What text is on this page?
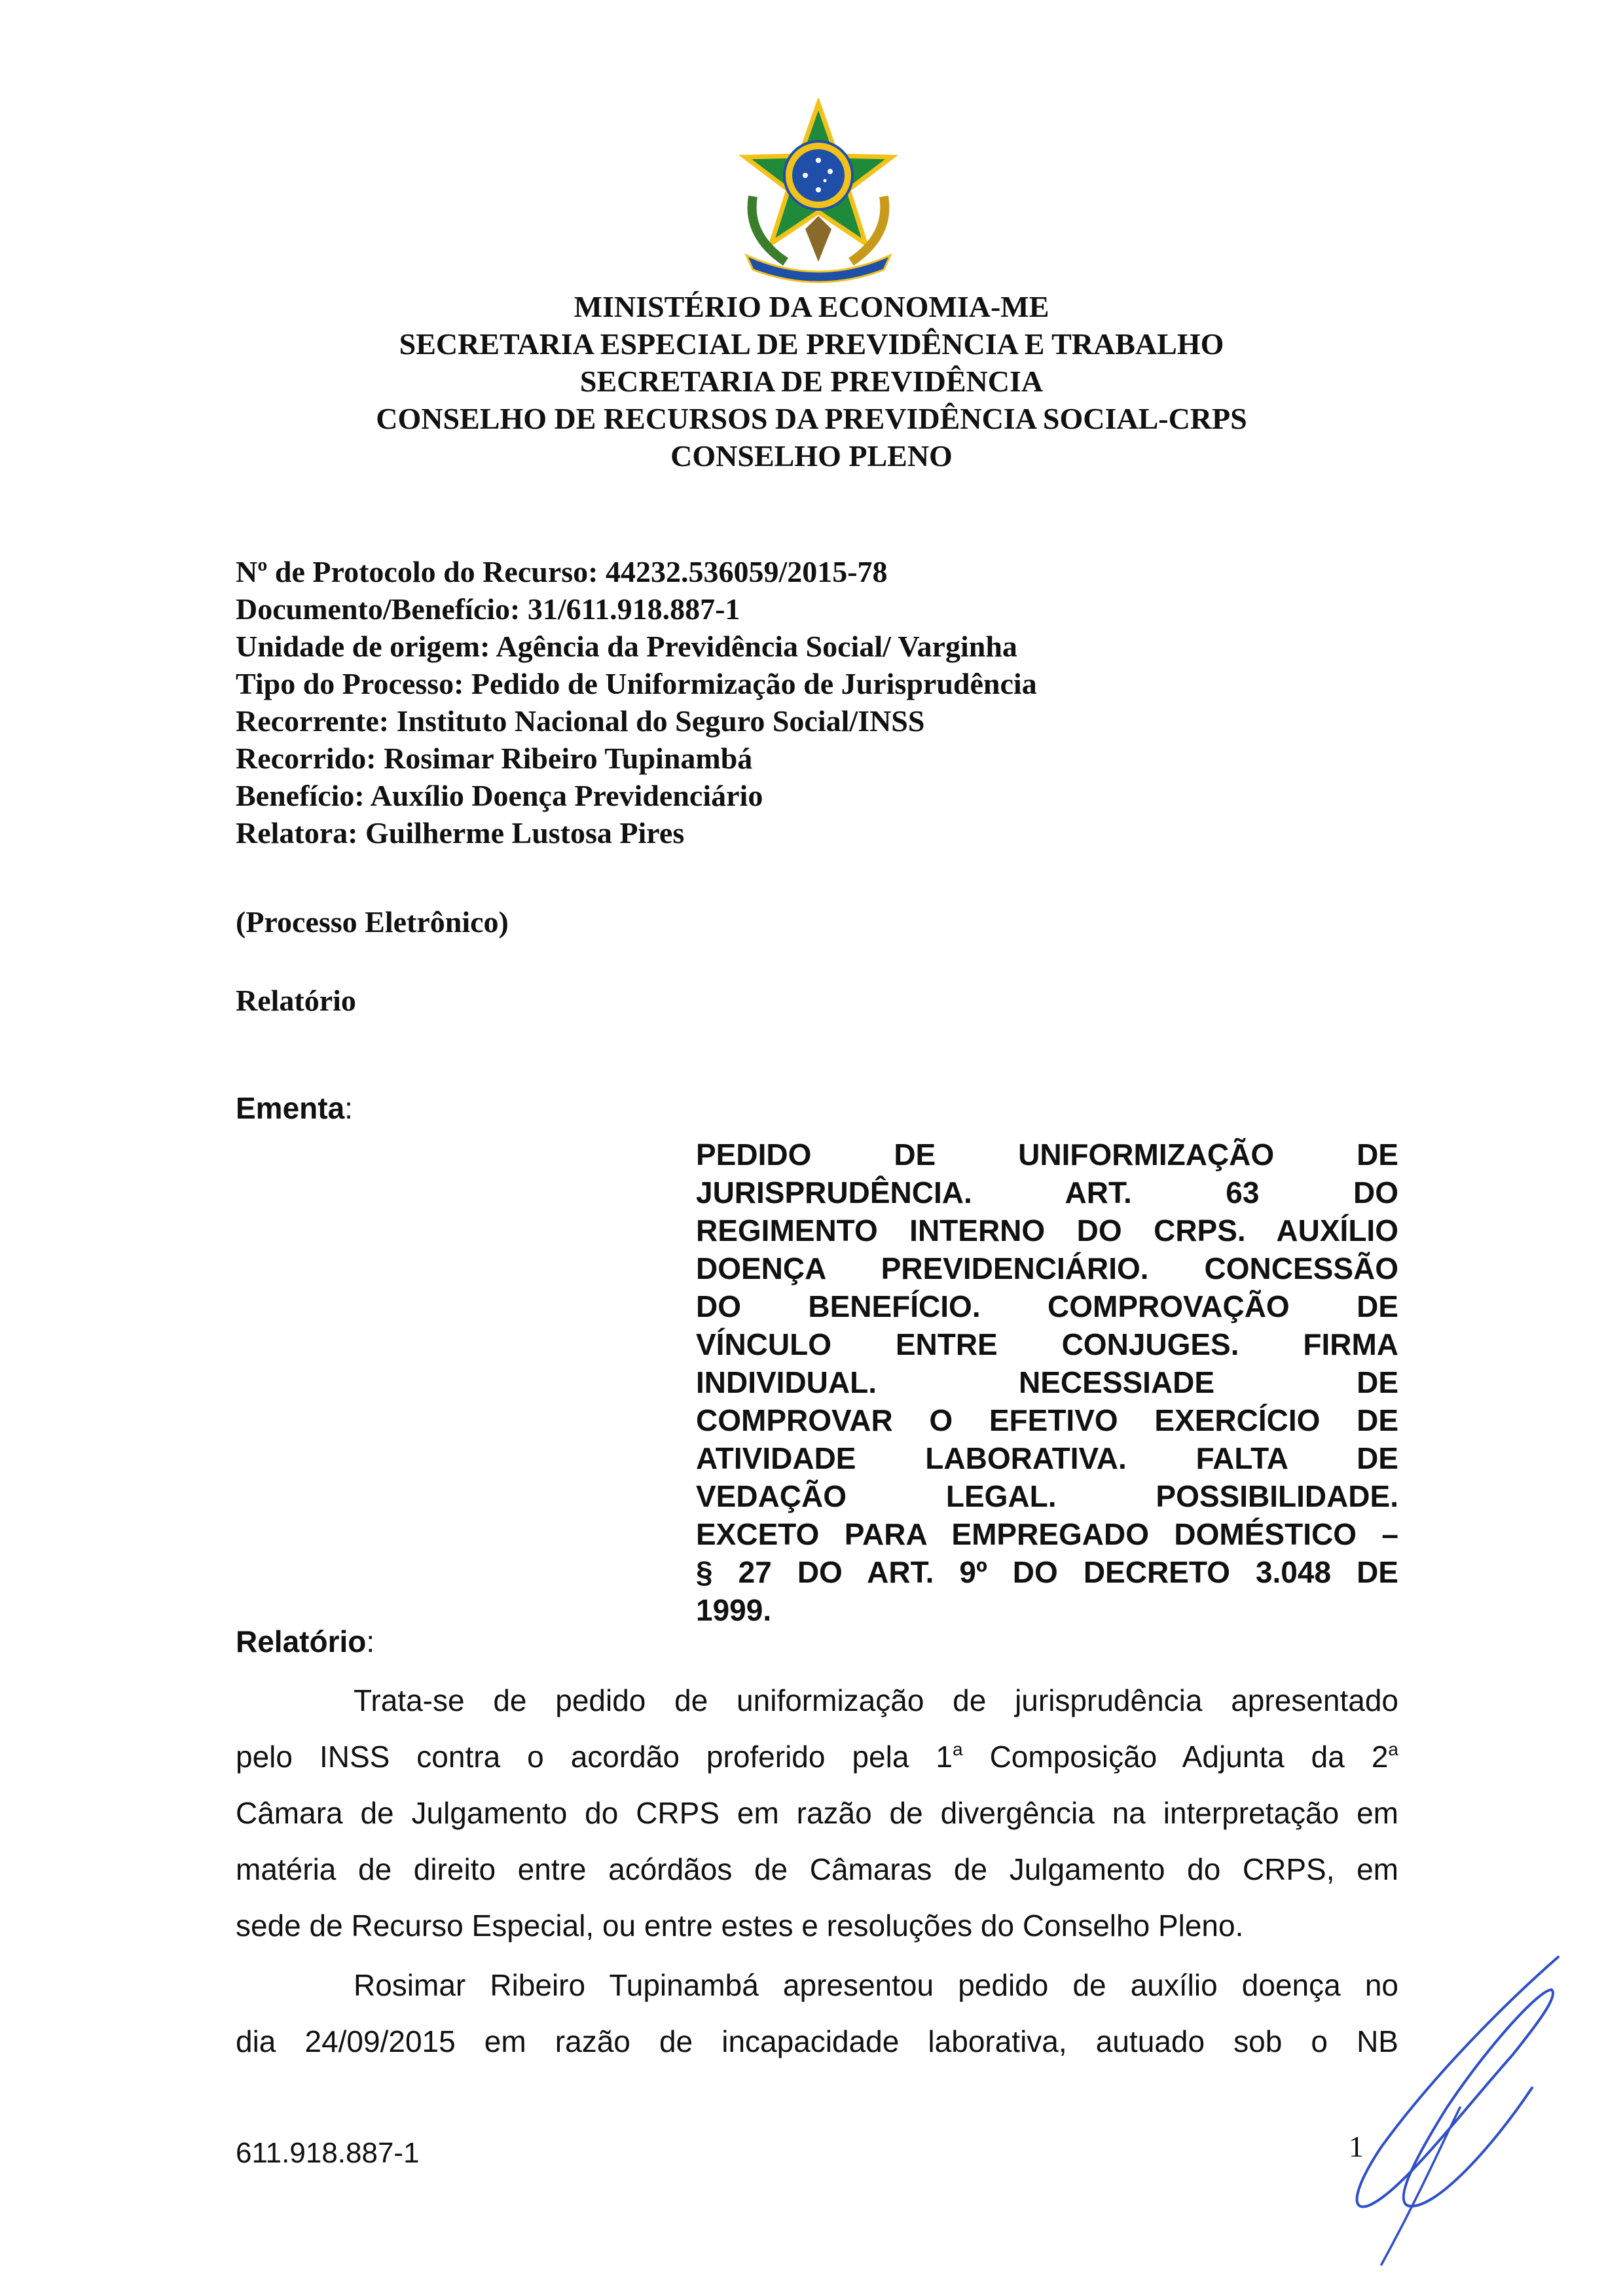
MINISTÉRIO DA ECONOMIA-ME
SECRETARIA ESPECIAL DE PREVIDÊNCIA E TRABALHO
SECRETARIA DE PREVIDÊNCIA
CONSELHO DE RECURSOS DA PREVIDÊNCIA SOCIAL-CRPS
CONSELHO PLENO
Nº de Protocolo do Recurso: 44232.536059/2015-78
Documento/Benefício: 31/611.918.887-1
Unidade de origem: Agência da Previdência Social/ Varginha
Tipo do Processo: Pedido de Uniformização de Jurisprudência
Recorrente: Instituto Nacional do Seguro Social/INSS
Recorrido: Rosimar Ribeiro Tupinambá
Benefício: Auxílio Doença Previdenciário
Relatora: Guilherme Lustosa Pires
(Processo Eletrônico)
Relatório
Ementa:
PEDIDO DE UNIFORMIZAÇÃO DE
JURISPRUDÊNCIA. ART. 63 DO
REGIMENTO INTERNO DO CRPS. AUXÍLIO
DOENÇA PREVIDENCIÁRIO. CONCESSÃO
DO BENEFÍCIO. COMPROVAÇÃO DE
VÍNCULO ENTRE CONJUGES. FIRMA
INDIVIDUAL. NECESSIADE DE
COMPROVAR O EFETIVO EXERCÍCIO DE
ATIVIDADE LABORATIVA. FALTA DE
VEDAÇÃO LEGAL. POSSIBILIDADE.
EXCETO PARA EMPREGADO DOMÉSTICO –
§ 27 DO ART. 9º DO DECRETO 3.048 DE
1999.
Relatório:
Trata-se de pedido de uniformização de jurisprudência apresentado
pelo INSS contra o acordão proferido pela 1$^a$ Composição Adjunta da 2$^a$
Câmara de Julgamento do CRPS em razão de divergência na interpretação em
matéria de direito entre acórdãos de Câmaras de Julgamento do CRPS, em
sede de Recurso Especial, ou entre estes e resoluções do Conselho Pleno.
Rosimar Ribeiro Tupinambá apresentou pedido de auxílio doença no
dia 24/09/2015 em razão de incapacidade laborativa, autuado sob o NB
611.918.887-1	1
